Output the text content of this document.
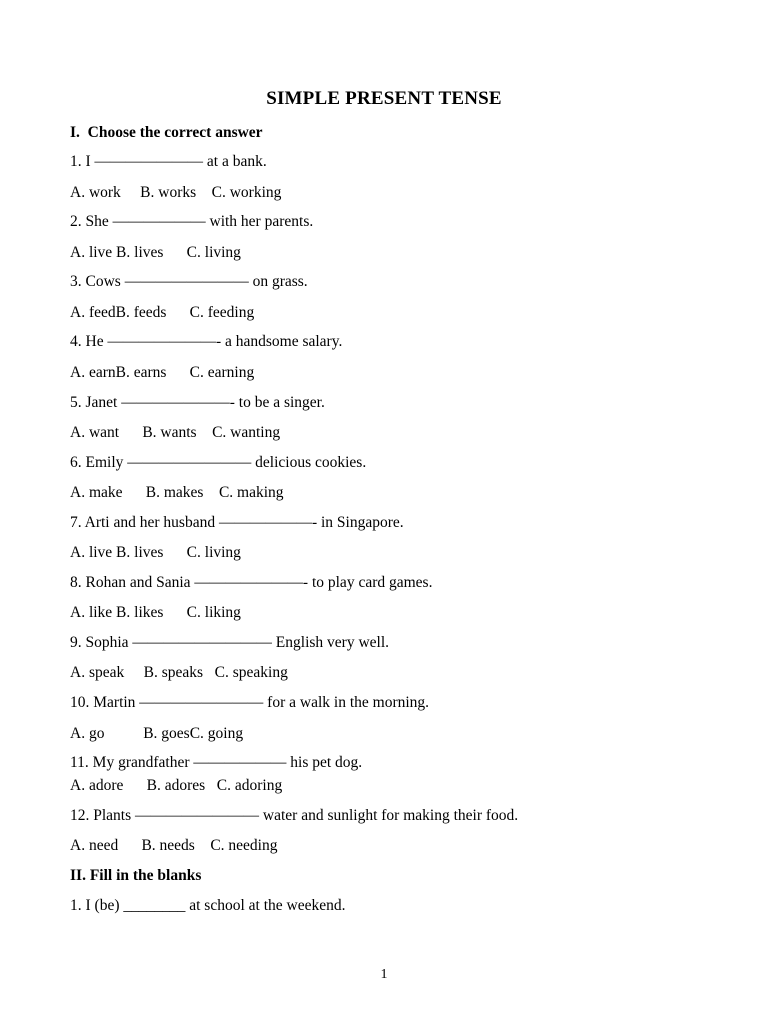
SIMPLE PRESENT TENSE
I.  Choose the correct answer
1. I ——————— at a bank.
A. work     B. works    C. working
2. She —————— with her parents.
A. live B. lives      C. living
3. Cows ———————— on grass.
A. feedB. feeds      C. feeding
4. He ———————- a handsome salary.
A. earnB. earns      C. earning
5. Janet ———————- to be a singer.
A. want      B. wants    C. wanting
6. Emily ———————— delicious cookies.
A. make      B. makes    C. making
7. Arti and her husband ——————- in Singapore.
A. live B. lives      C. living
8. Rohan and Sania ———————- to play card games.
A. like B. likes      C. liking
9. Sophia ————————— English very well.
A. speak     B. speaks   C. speaking
10. Martin ———————— for a walk in the morning.
A. go          B. goesC. going
11. My grandfather —————— his pet dog.
A. adore      B. adores   C. adoring
12. Plants ———————— water and sunlight for making their food.
A. need      B. needs    C. needing
II. Fill in the blanks
1. I (be) ________ at school at the weekend.
1
